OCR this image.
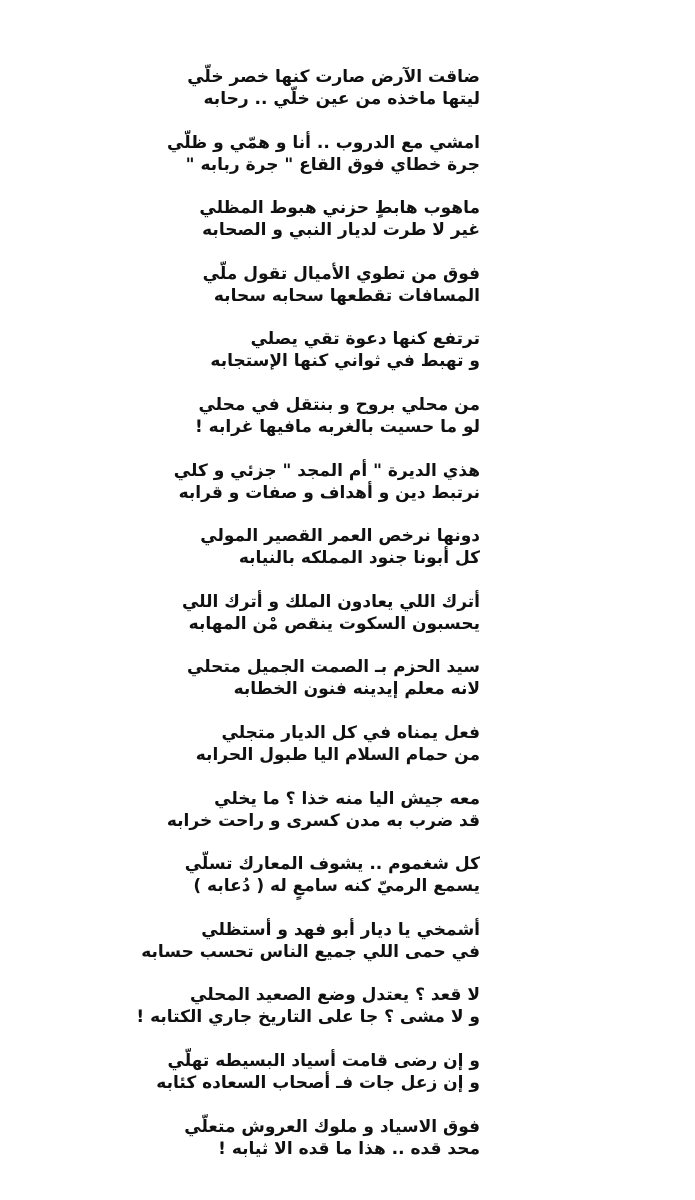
ضاقت الآرض صارت كنها خصر خلّي
ليتها ماخذه من عين خلّي .. رحابه
امشي مع الدروب .. أنا و همّي و ظلّي
جرة خطاي فوق القاع " جرة ربابه "
ماهوب هابطٍ حزني هبوط المظلي
غير لا طرت لديار النبي و الصحابه
فوق من تطوي الأميال تقول ملّي
المسافات تقطعها سحابه سحابه
ترتفع كنها دعوة تقي يصلي
و تهبط في ثواني كنها الإستجابه
من محلي بروح و بنتقل في محلي
لو ما حسيت بالغربه مافيها غرابه !
هذي الديرة " أم المجد " جزئي و كلي
نرتبط دين و أهداف و صفات و قرابه
دونها نرخص العمر القصير المولي
كل أبونا جنود المملكه بالنيابه
أترك اللي يعادون الملك و أترك اللي
يحسبون السكوت ينقص مْن المهابه
سيد الحزم بـ الصمت الجميل متحلي
لانه معلم إيدينه فنون الخطابه
فعل يمناه في كل الديار متجلي
من حمام السلام اليا طبول الحرابه
معه جيش اليا منه خذا ؟ ما يخلي
قد ضرب به مدن كسرى و راحت خرابه
كل شغموم .. يشوف المعارك تسلّي
يسمع الرميّ كنه سامعٍ له ( دُعابه )
أشمخي يا ديار أبو فهد و أستظلي
في حمى اللي جميع الناس تحسب حسابه
لا قعد ؟ يعتدل وضع الصعيد المحلي
و لا مشى ؟ جا على التاريخ جاري الكتابه !
و إن رضى قامت أسياد البسيطه تهلّي
و إن زعل جات فـ أصحاب السعاده كئابه
فوق الاسياد و ملوك العروش متعلّي
محد قده .. هذا ما قده الا ثيابه !
